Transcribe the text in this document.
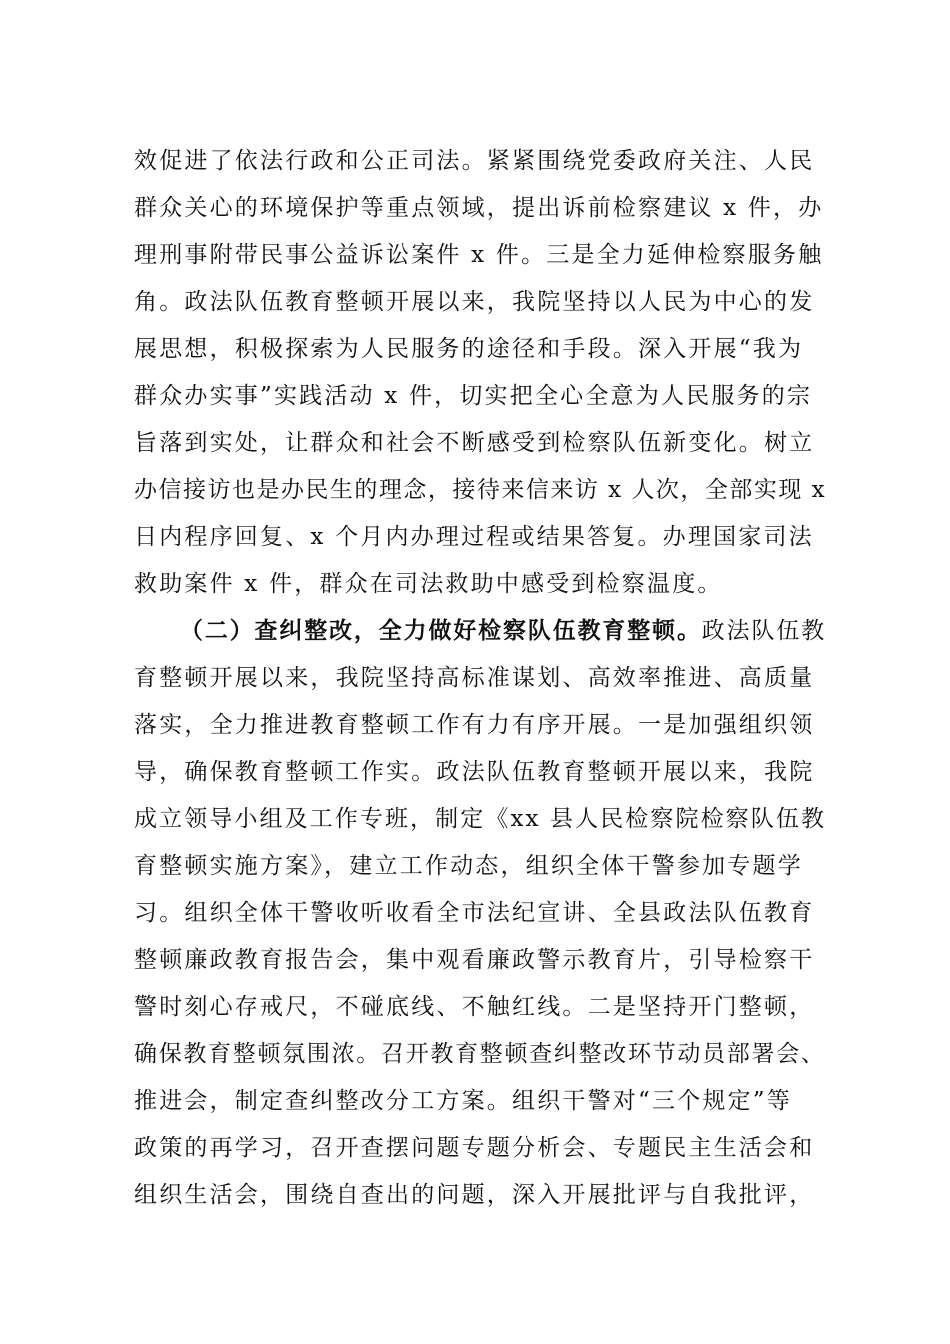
效促进了依法行政和公正司法。紧紧围绕党委政府关注、人民
群众关心的环境保护等重点领域，提出诉前检察建议 x 件，办
理刑事附带民事公益诉讼案件 x 件。三是全力延伸检察服务触
角。政法队伍教育整顿开展以来，我院坚持以人民为中心的发
展思想，积极探索为人民服务的途径和手段。深入开展“我为
群众办实事”实践活动 x 件，切实把全心全意为人民服务的宗
旨落到实处，让群众和社会不断感受到检察队伍新变化。树立
办信接访也是办民生的理念，接待来信来访 x 人次，全部实现 x
日内程序回复、x 个月内办理过程或结果答复。办理国家司法
救助案件 x 件，群众在司法救助中感受到检察温度。
（二）查纠整改，全力做好检察队伍教育整顿。政法队伍教
育整顿开展以来，我院坚持高标准谋划、高效率推进、高质量
落实，全力推进教育整顿工作有力有序开展。一是加强组织领
导，确保教育整顿工作实。政法队伍教育整顿开展以来，我院
成立领导小组及工作专班，制定《xx 县人民检察院检察队伍教
育整顿实施方案》，建立工作动态，组织全体干警参加专题学
习。组织全体干警收听收看全市法纪宣讲、全县政法队伍教育
整顿廉政教育报告会，集中观看廉政警示教育片，引导检察干
警时刻心存戒尺，不碰底线、不触红线。二是坚持开门整顿，
确保教育整顿氛围浓。召开教育整顿查纠整改环节动员部署会、
推进会，制定查纠整改分工方案。组织干警对“三个规定”等
政策的再学习，召开查摆问题专题分析会、专题民主生活会和
组织生活会，围绕自查出的问题，深入开展批评与自我批评，
